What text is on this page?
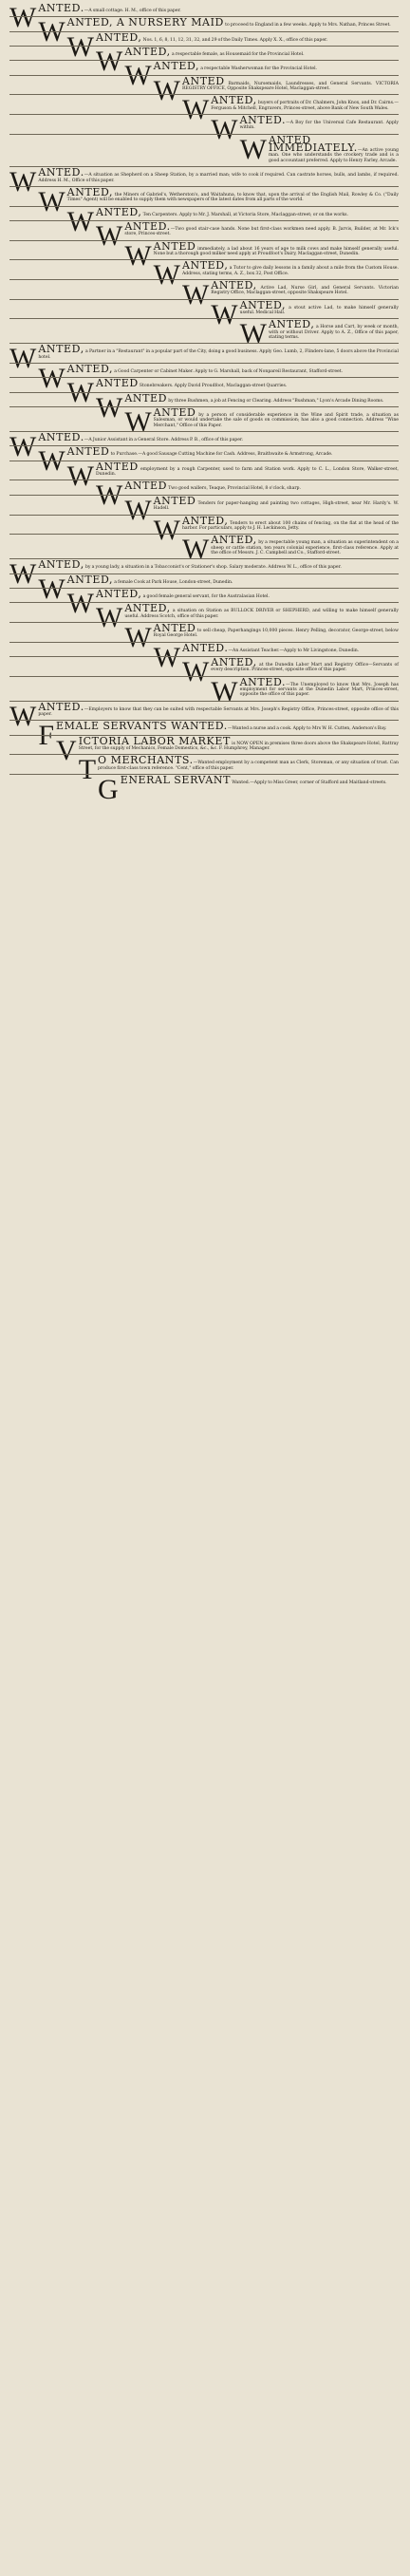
WANTED.—A small cottage. H. M., office of this paper.

WANTED, A NURSERY MAID to proceed to England in a few weeks. Apply to Mrs. Nathan, Princes Street.

WANTED, Nos. 1, 6, 8, 11, 12, 31, 32, and 29 of the Daily Times. Apply X. X., office of this paper.

WANTED, a respectable female, as Housemaid for the Provincial Hotel.

WANTED, a respectable Washerwoman for the Provincial Hotel.

WANTED Barmaids, Nursemaids, Laundresses, and General Servants. VICTORIA REGISTRY OFFICE, Opposite Shakspeare Hotel, Maclaggan-street.

WANTED, buyers of portraits of Dr. Chalmers, John Knox, and Dr. Cairns.—Ferguson & Mitchell, Engravers, Princes-street, above Bank of New South Wales.

WANTED.—A Boy for the Universal Cafe Restaurant. Apply within.

WANTED IMMEDIATELY.—An active young man. One who understands the crockery trade and is a good accountant preferred. Apply to Henry Farley, Arcade.

WANTED.—A situation as Shepherd on a Sheep Station, by a married man; wife to cook if required. Can castrate horses, bulls, and lambs, if required. Address H. M., Office of this paper.

WANTED, the Miners of Gabriel's, Wetherston's, and Waitahuna, to know that, upon the arrival of the English Mail, Rowley & Co. ("Daily Times" Agent) will be enabled to supply them with newspapers of the latest dates from all parts of the world.

WANTED, Ten Carpenters. Apply to Mr. J. Marshall, at Victoria Store, Maclaggan-street; or on the works.

WANTED.—Two good stair-case hands. None but first-class workmen need apply. B. Jarvis, Builder, at Mr. Ick's store, Princes-street.

WANTED immediately, a lad about 16 years of age to milk cows and make himself generally useful. None but a thorough good milker need apply at Proudfoot's Dairy, Maclaggan-street, Dunedin.

WANTED, a Tutor to give daily lessons in a family about a mile from the Custom House. Address, stating terms, A. Z., box 32, Post Office.

WANTED, Active Lad, Nurse Girl, and General Servants. Victorian Registry Office, Maclaggan-street, opposite Shakspeare Hotel.

WANTED, a stout active Lad, to make himself generally useful. Medical Hall.

WANTED, a Horse and Cart, by week or month, with or without Driver. Apply to A. Z., Office of this paper, stating terms.

WANTED, a Partner in a "Restaurant" in a popular part of the City, doing a good business. Apply Geo. Lumb, 2, Flinders-lane, 5 doors above the Provincial hotel.

WANTED, a Good Carpenter or Cabinet Maker. Apply to G. Marshall, back of Nonpareil Restaurant, Stafford-street.

WANTED Stonebreakers. Apply David Proudfoot, Maclaggan-street Quarries.

WANTED by three Bushmen, a job at Fencing or Clearing. Address "Bushman," Lyon's Arcade Dining Rooms.

WANTED by a person of considerable experience in the Wine and Spirit trade, a situation as Salesman, or would undertake the sale of goods on commission; has also a good connection. Address "Wine Merchant," Office of this Paper.

WANTED.—A Junior Assistant in a General Store. Address P. B., office of this paper.

WANTED to Purchase.—A good Sausage Cutting Machine for Cash. Address, Braithwaite & Armstrong, Arcade.

WANTED employment by a rough Carpenter, used to farm and Station work. Apply to C. L., London Store, Walker-street, Dunedin.

WANTED Two good wallers, Teaque, Provincial Hotel, 8 o'clock, sharp.

WANTED Tenders for paper-hanging and painting two cottages, High-street, near Mr. Hardy's. W. Hadell.

WANTED, Tenders to erect about 100 chains of fencing, on the flat at the head of the harbor. For particulars, apply to J. H. Leckinson, Jetty.

WANTED, by a respectable young man, a situation as superintendent on a sheep or cattle station, ten years colonial experience, first-class reference. Apply at the office of Messrs. J. C. Campbell and Co., Stafford-street.

WANTED, by a young lady, a situation in a Tobacconist's or Stationer's shop. Salary moderate. Address W. L., office of this paper.

WANTED, a female Cook at Park House, London-street, Dunedin.

WANTED, a good female general servant, for the Australasian Hotel.

WANTED, a situation on Station as BULLOCK DRIVER or SHEPHERD, and willing to make himself generally useful. Address Scotch, office of this paper.

WANTED to sell cheap, Paperhangings 10,000 pieces. Henry Pelling, decorator, George-street, below Royal George Hotel.

WANTED.—An Assistant Teacher.—Apply to Mr Livingstone, Dunedin.

WANTED, at the Dunedin Labor Mart and Registry Office—Servants of every description. Princes-street, opposite office of this paper.

WANTED.—The Unemployed to know that Mrs. Joseph has employment for servants at the Dunedin Labor Mart, Princes-street, opposite the office of this paper.

WANTED.—Employers to know that they can be suited with respectable Servants at Mrs. Joseph's Registry Office, Princes-street, opposite office of this paper.

FEMALE SERVANTS WANTED.—Wanted a nurse and a cook. Apply to Mrs W. H. Cutten, Anderson's Bay.

VICTORIA LABOR MARKET is NOW OPEN in premises three doors above the Shakspeare Hotel, Rattray Street, for the supply of Mechanics, Female Domestics, &c., &c. F. Humphrey, Manager.

T O MERCHANTS.—Wanted employment by a competent man as Clerk, Storeman, or any situation of trust. Can produce first-class town reference. "Cent," office of this paper.

GENERAL SERVANT Wanted.—Apply to Miss Greer, corner of Stafford and Maitland-streets.
